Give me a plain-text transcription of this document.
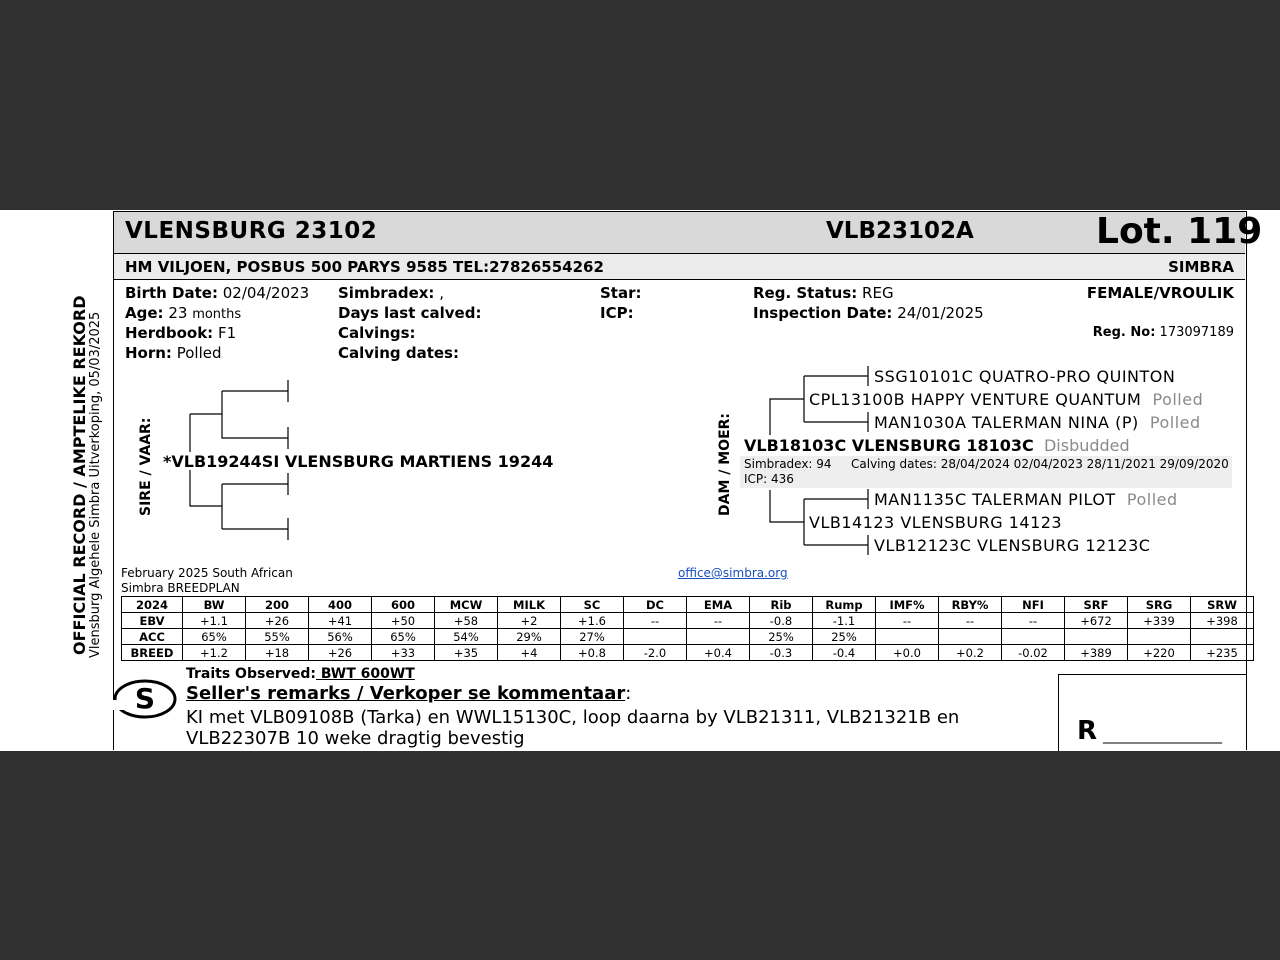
OFFICIAL RECORD / AMPTELIKE REKORD Vlensburg Algehele Simbra Uitverkoping, 05/03/2025
VLENSBURG 23102	VLB23102A	Lot. 119
HM VILJOEN, POSBUS 500 PARYS 9585 TEL:27826554262	SIMBRA
Birth Date: 02/04/2023
Age: 23 months
Herdbook: F1
Horn: Polled
Simbradex: ,
Days last calved:
Calvings:
Calving dates:
Star:
ICP:
Reg. Status: REG
Inspection Date: 24/01/2025
FEMALE/VROULIK
Reg. No: 173097189
SIRE / VAAR: *VLB19244SI VLENSBURG MARTIENS 19244	DAM / MOER:
SSG10101C QUATRO-PRO QUINTON
CPL13100B HAPPY VENTURE QUANTUM Polled
MAN1030A TALERMAN NINA (P) Polled
VLB18103C VLENSBURG 18103C Disbudded
Simbradex: 94 Calving dates: 28/04/2024 02/04/2023 28/11/2021 29/09/2020
ICP: 436
MAN1135C TALERMAN PILOT Polled
VLB14123 VLENSBURG 14123
VLB12123C VLENSBURG 12123C
February 2025 South African
Simbra BREEDPLAN
office@simbra.org
2024	BW	200	400	600	MCW	MILK	SC	DC	EMA	Rib	Rump	IMF%	RBY%	NFI	SRF	SRG	SRW
EBV	+1.1	+26	+41	+50	+58	+2	+1.6	--	--	-0.8	-1.1	--	--	--	+672	+339	+398
ACC	65%	55%	56%	65%	54%	29%	27%			25%	25%						
BREED	+1.2	+18	+26	+33	+35	+4	+0.8	-2.0	+0.4	-0.3	-0.4	+0.0	+0.2	-0.02	+389	+220	+235
S
Traits Observed: BWT 600WT
Seller's remarks / Verkoper se kommentaar:
KI met VLB09108B (Tarka) en WWL15130C, loop daarna by VLB21311, VLB21321B en
VLB22307B 10 weke dragtig bevestig	R _________________
